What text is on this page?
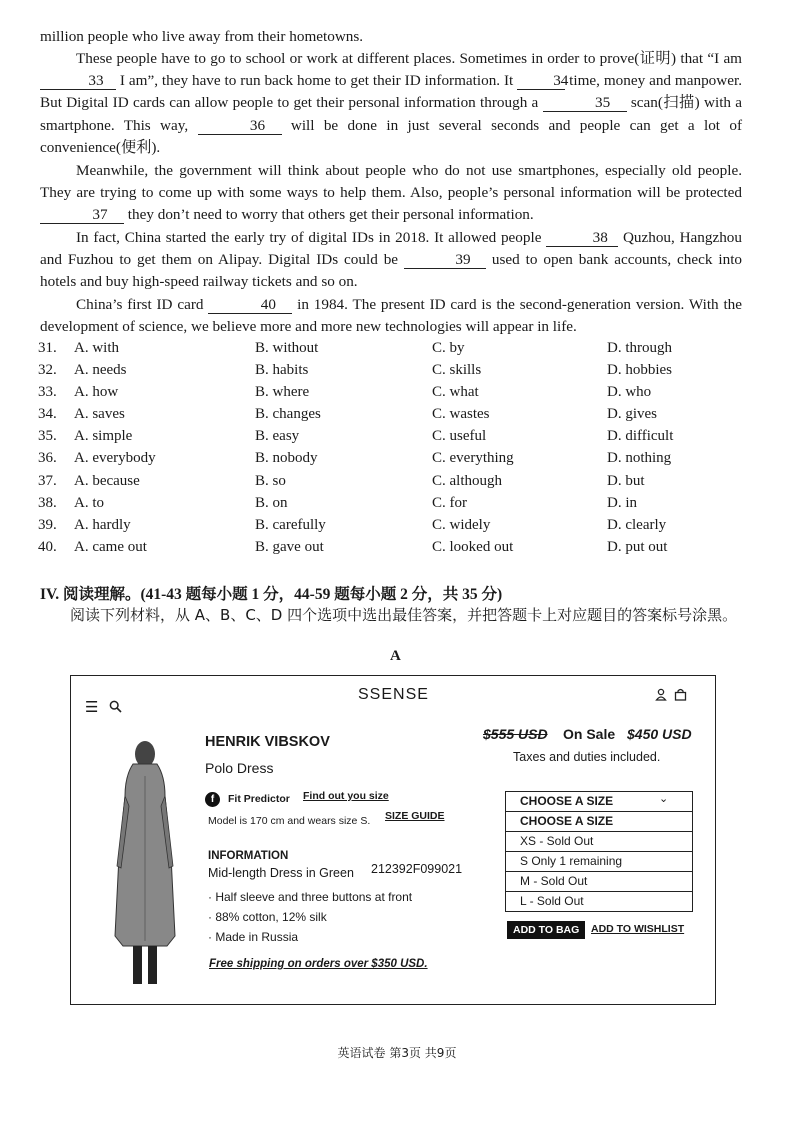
million people who live away from their hometowns.
These people have to go to school or work at different places. Sometimes in order to prove(证明) that “I am 33 I am”, they have to run back home to get their ID information. It	34 time, money and manpower. But Digital ID cards can allow people to get their personal information through a	35 scan(扫描) with a smartphone. This way,	36 will be done in just several seconds and people can get a lot of convenience(便利).
Meanwhile, the government will think about people who do not use smartphones, especially old people. They are trying to come up with some ways to help them. Also, people’s personal information will be protected 37 they don’t need to worry that others get their personal information.
In fact, China started the early try of digital IDs in 2018. It allowed people	38 Quzhou, Hangzhou and Fuzhou to get them on Alipay. Digital IDs could be	39 used to open bank accounts, check into hotels and buy high-speed railway tickets and so on.
China’s first ID card	40 in 1984. The present ID card is the second-generation version. With the development of science, we believe more and more new technologies will appear in life.
31. A. with	B. without	C. by	D. through
32. A. needs	B. habits	C. skills	D. hobbies
33. A. how	B. where	C. what	D. who
34. A. saves	B. changes	C. wastes	D. gives
35. A. simple	B. easy	C. useful	D. difficult
36. A. everybody	B. nobody	C. everything	D. nothing
37. A. because	B. so	C. although	D. but
38. A. to	B. on	C. for	D. in
39. A. hardly	B. carefully	C. widely	D. clearly
40. A. came out	B. gave out	C. looked out	D. put out
IV. 阅读理解。(41-43 题每小题 1 分，44-59 题每小题 2 分，共 35 分)
阅读下列材料，从 A、B、C、D 四个选项中选出最佳答案，并把答题卡上对应题目的答案标号涂黑。
A
☰
SSENSE
HENRIK VIBSKOV
Polo Dress
$555 USD On Sale $450 USD
Taxes and duties included.
f	Fit Predictor Find out you size
Model is 170 cm and wears size S. SIZE GUIDE
INFORMATION
Mid-length Dress in Green 212392F099021
· Half sleeve and three buttons at front
· 88% cotton, 12% silk
· Made in Russia
Free shipping on orders over $350 USD.
CHOOSE A SIZE
CHOOSE A SIZE
XS - Sold Out
S Only 1 remaining
M - Sold Out
L - Sold Out
⌄
ADD TO BAG	ADD TO WISHLIST
英语试卷 第3页 共9页
